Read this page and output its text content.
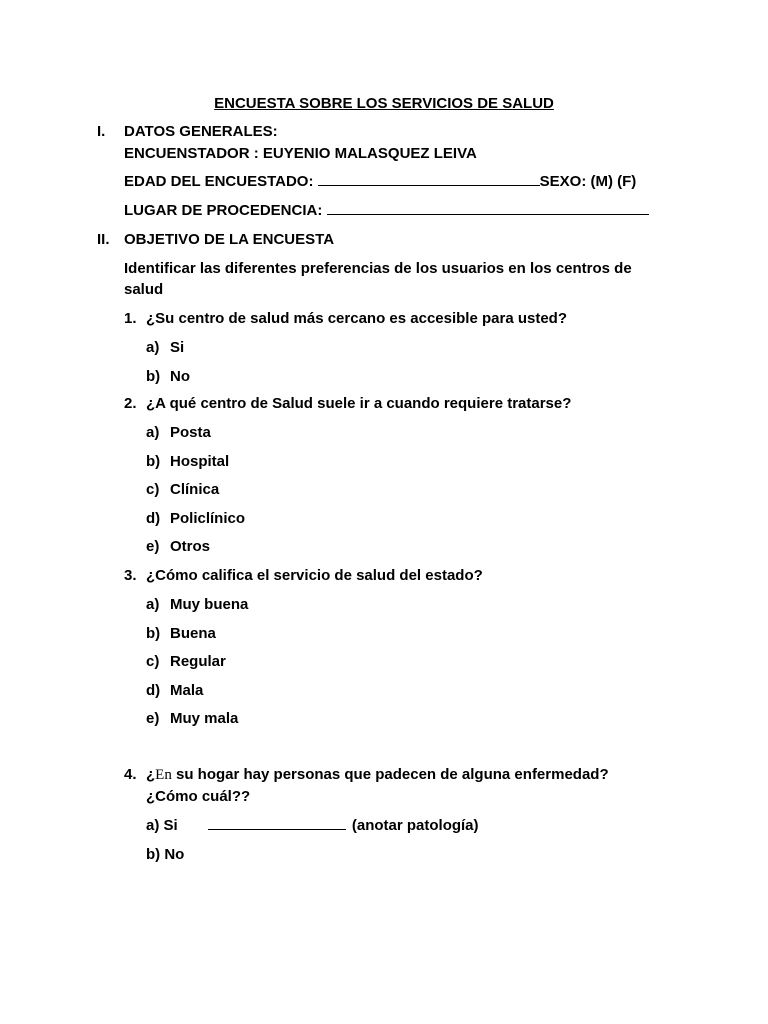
ENCUESTA SOBRE LOS SERVICIOS DE SALUD
I. DATOS GENERALES:
ENCUENSTADOR : EUYENIO MALASQUEZ LEIVA
EDAD DEL ENCUESTADO:	SEXO: (M) (F)
LUGAR DE PROCEDENCIA:
II. OBJETIVO DE LA ENCUESTA
Identificar las diferentes preferencias de los usuarios en los centros de
salud
1. ¿Su centro de salud más cercano es accesible para usted?
a) Si
b) No
2. ¿A qué centro de Salud suele ir a cuando requiere tratarse?
a) Posta
b) Hospital
c) Clínica
d) Policlínico
e) Otros
3. ¿Cómo califica el servicio de salud del estado?
a) Muy buena
b) Buena
c) Regular
d) Mala
e) Muy mala
4. ¿En su hogar hay personas que padecen de alguna enfermedad?
¿Cómo cuál??
a) Si	(anotar patología)
b) No
